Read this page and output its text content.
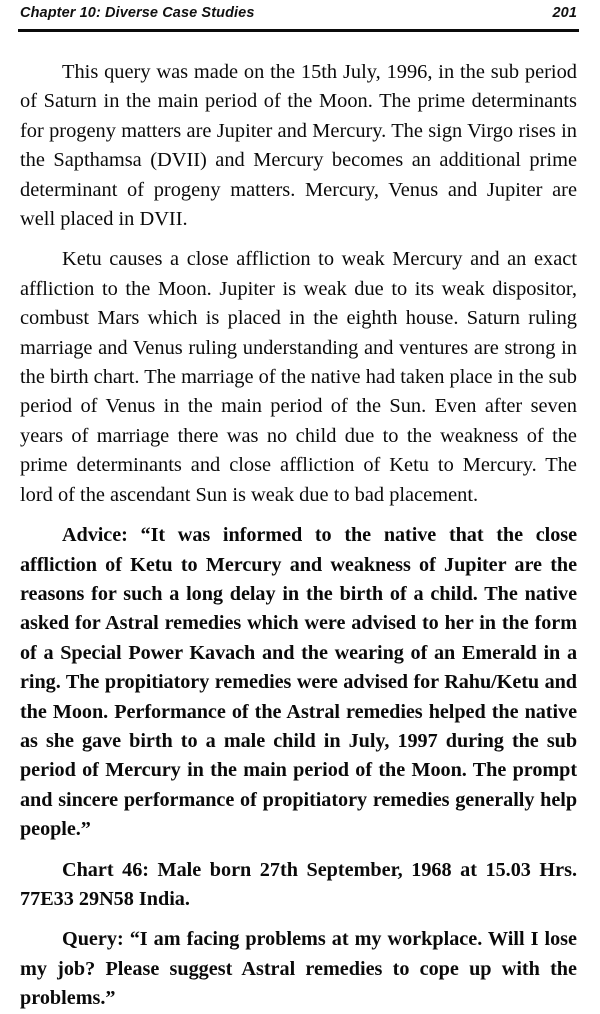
Chapter 10: Diverse Case Studies	201

This query was made on the 15th July, 1996, in the sub period of Saturn in the main period of the Moon. The prime determinants for progeny matters are Jupiter and Mercury. The sign Virgo rises in the Sapthamsa (DVII) and Mercury becomes an additional prime determinant of progeny matters. Mercury, Venus and Jupiter are well placed in DVII.

Ketu causes a close affliction to weak Mercury and an exact affliction to the Moon. Jupiter is weak due to its weak dispositor, combust Mars which is placed in the eighth house. Saturn ruling marriage and Venus ruling understanding and ventures are strong in the birth chart. The marriage of the native had taken place in the sub period of Venus in the main period of the Sun. Even after seven years of marriage there was no child due to the weakness of the prime determinants and close affliction of Ketu to Mercury. The lord of the ascendant Sun is weak due to bad placement.

Advice: “It was informed to the native that the close affliction of Ketu to Mercury and weakness of Jupiter are the reasons for such a long delay in the birth of a child. The native asked for Astral remedies which were advised to her in the form of a Special Power Kavach and the wearing of an Emerald in a ring. The propitiatory remedies were advised for Rahu/Ketu and the Moon. Performance of the Astral remedies helped the native as she gave birth to a male child in July, 1997 during the sub period of Mercury in the main period of the Moon. The prompt and sincere performance of propitiatory remedies generally help people.”

Chart 46: Male born 27th September, 1968 at 15.03 Hrs. 77E33 29N58 India.

Query: “I am facing problems at my workplace. Will I lose my job? Please suggest Astral remedies to cope up with the problems.”
